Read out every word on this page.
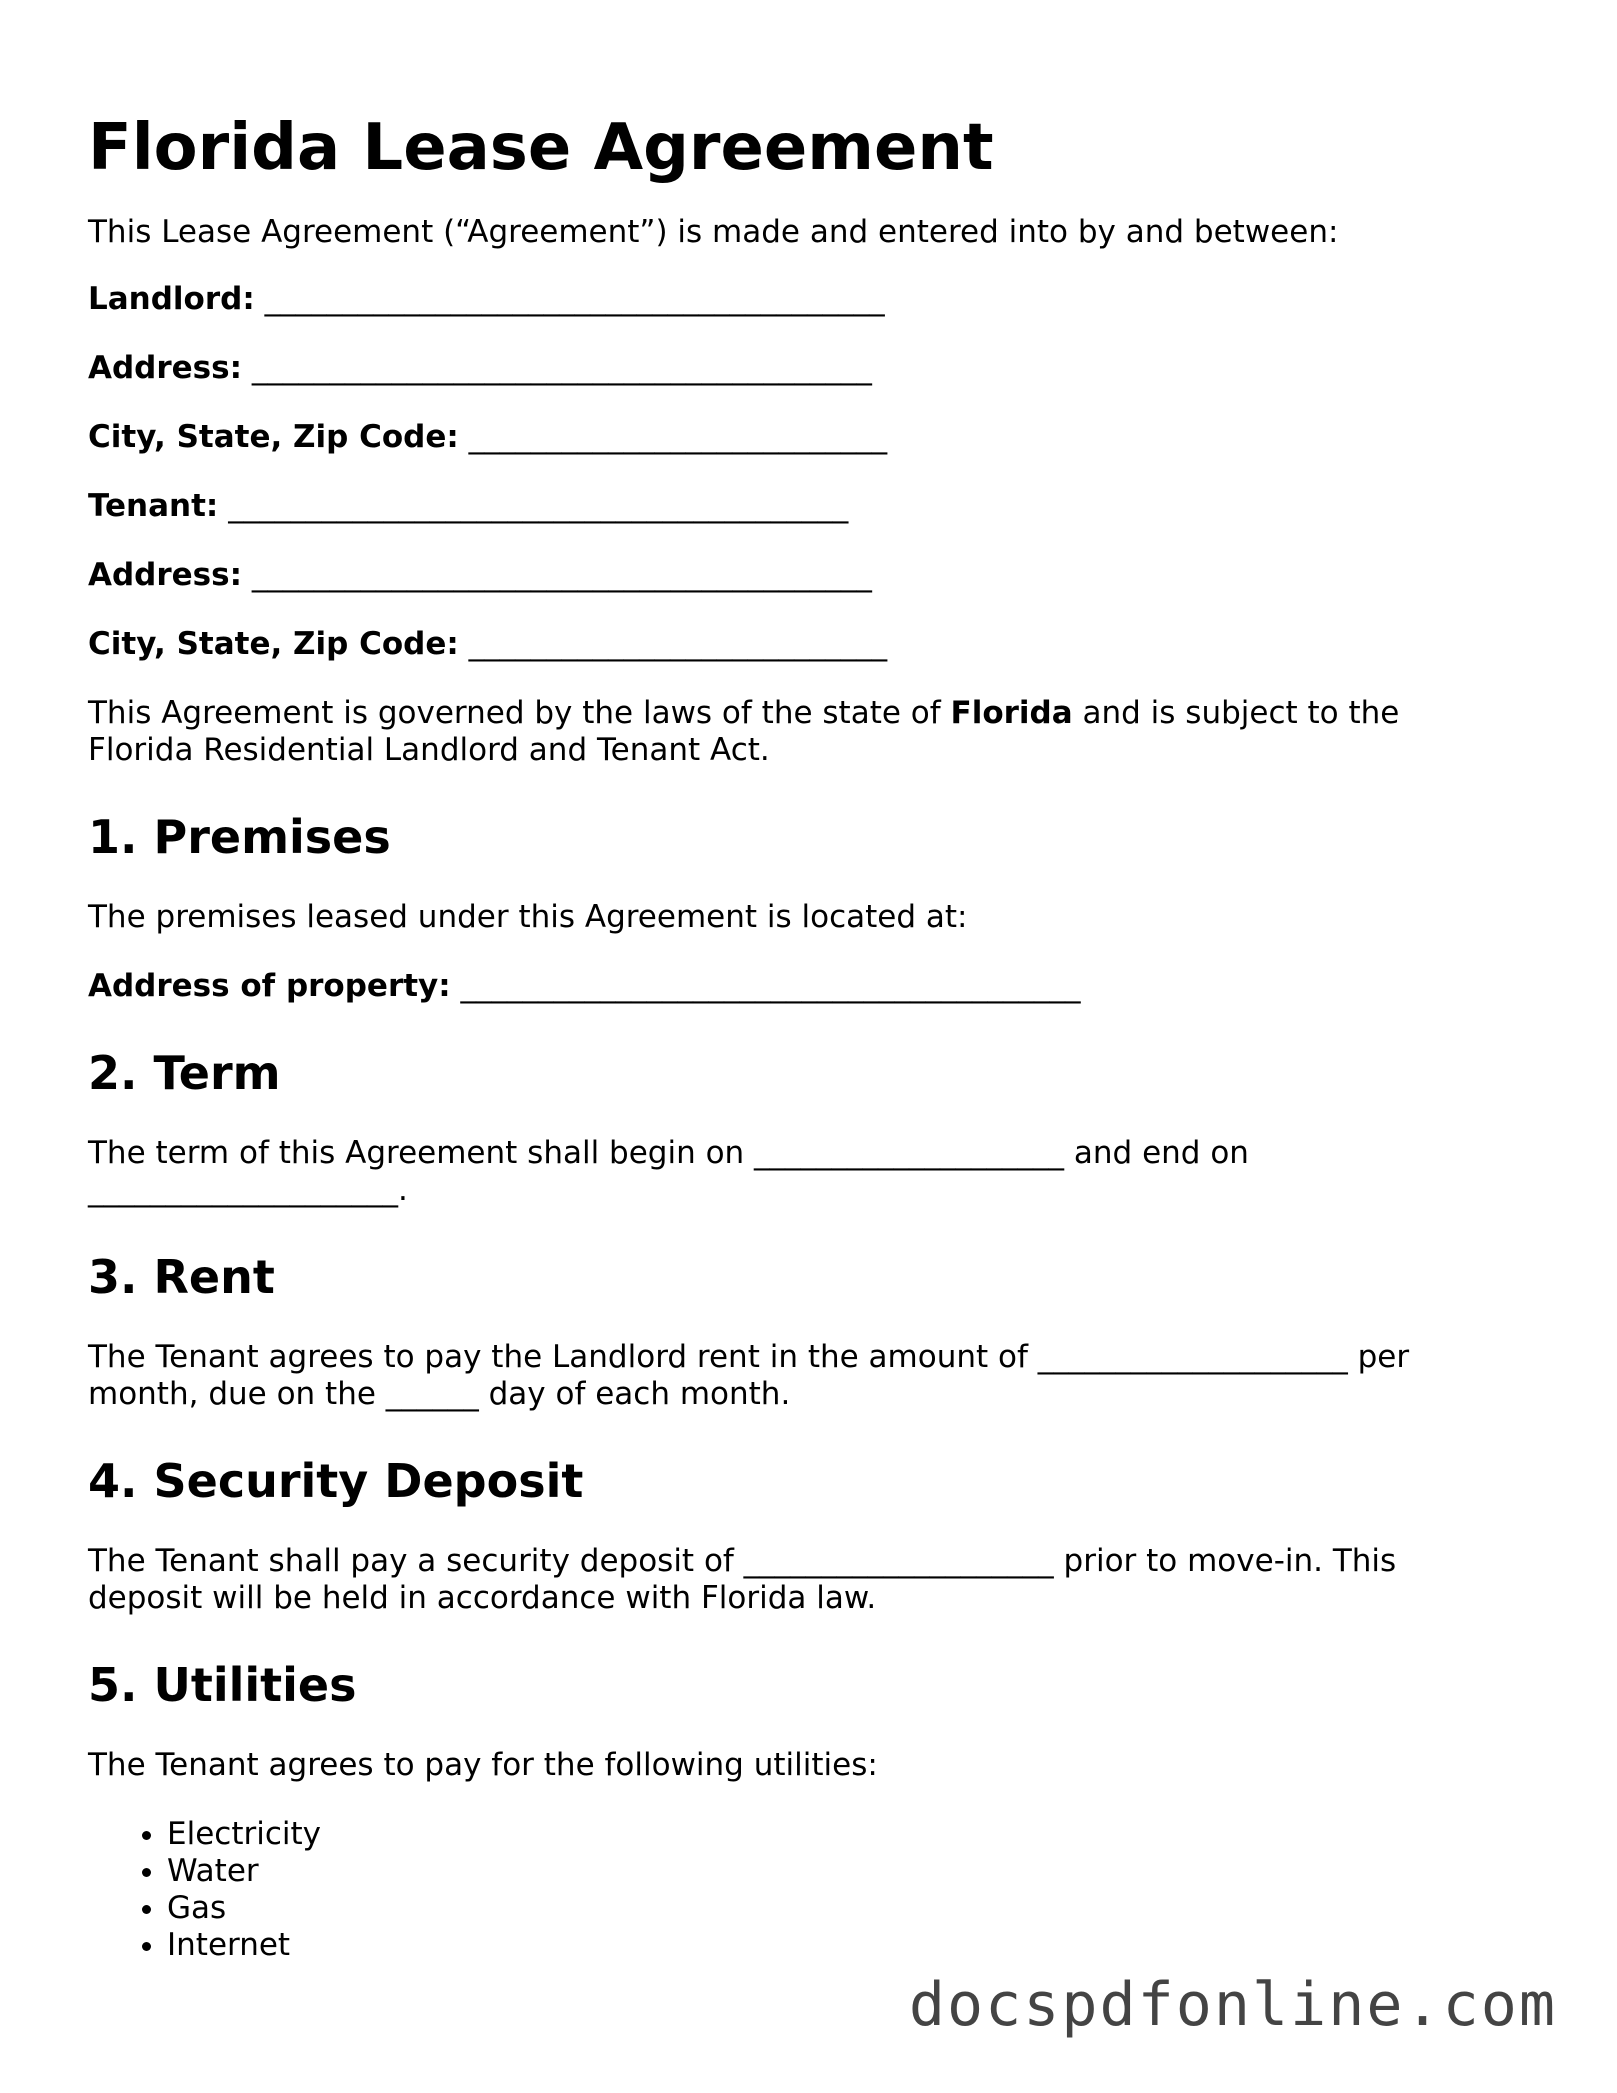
Florida Lease Agreement

This Lease Agreement (“Agreement”) is made and entered into by and between:

Landlord: ________________________________________
Address: ________________________________________
City, State, Zip Code: ___________________________
Tenant: ________________________________________
Address: ________________________________________
City, State, Zip Code: ___________________________

This Agreement is governed by the laws of the state of Florida and is subject to the Florida Residential Landlord and Tenant Act.

1. Premises

The premises leased under this Agreement is located at:

Address of property: ________________________________________
2. Term

The term of this Agreement shall begin on ____________________ and end on ____________________.

3. Rent

The Tenant agrees to pay the Landlord rent in the amount of ____________________ per month, due on the ______ day of each month.

4. Security Deposit

The Tenant shall pay a security deposit of ____________________ prior to move-in. This deposit will be held in accordance with Florida law.

5. Utilities

The Tenant agrees to pay for the following utilities:

• Electricity
• Water
• Gas
• Internet
docspdfonline.com
